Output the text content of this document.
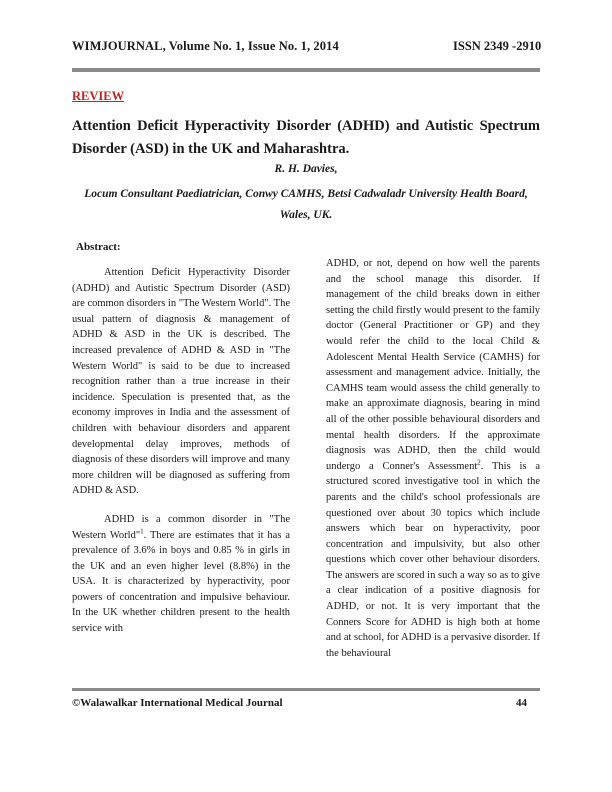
WIMJOURNAL, Volume No. 1, Issue No. 1, 2014	ISSN 2349 -2910
REVIEW
Attention Deficit Hyperactivity Disorder (ADHD) and Autistic Spectrum Disorder (ASD) in the UK and Maharashtra.
R. H. Davies,
Locum Consultant Paediatrician, Conwy CAMHS, Betsi Cadwaladr University Health Board,
Wales, UK.
Abstract:

Attention Deficit Hyperactivity Disorder (ADHD) and Autistic Spectrum Disorder (ASD) are common disorders in "The Western World". The usual pattern of diagnosis & management of ADHD & ASD in the UK is described. The increased prevalence of ADHD & ASD in "The Western World" is said to be due to increased recognition rather than a true increase in their incidence. Speculation is presented that, as the economy improves in India and the assessment of children with behaviour disorders and apparent developmental delay improves, methods of diagnosis of these disorders will improve and many more children will be diagnosed as suffering from ADHD & ASD.

ADHD is a common disorder in "The Western World"$^1$. There are estimates that it has a prevalence of 3.6% in boys and 0.85 % in girls in the UK and an even higher level (8.8%) in the USA. It is characterized by hyperactivity, poor powers of concentration and impulsive behaviour. In the UK whether children present to the health service with

ADHD, or not, depend on how well the parents and the school manage this disorder. If management of the child breaks down in either setting the child firstly would present to the family doctor (General Practitioner or GP) and they would refer the child to the local Child & Adolescent Mental Health Service (CAMHS) for assessment and management advice. Initially, the CAMHS team would assess the child generally to make an approximate diagnosis, bearing in mind all of the other possible behavioural disorders and mental health disorders. If the approximate diagnosis was ADHD, then the child would undergo a Conner's Assessment$^2$. This is a structured scored investigative tool in which the parents and the child's school professionals are questioned over about 30 topics which include answers which bear on hyperactivity, poor concentration and impulsivity, but also other questions which cover other behaviour disorders. The answers are scored in such a way so as to give a clear indication of a positive diagnosis for ADHD, or not. It is very important that the Conners Score for ADHD is high both at home and at school, for ADHD is a pervasive disorder. If the behavioural

©Walawalkar International Medical Journal	44
